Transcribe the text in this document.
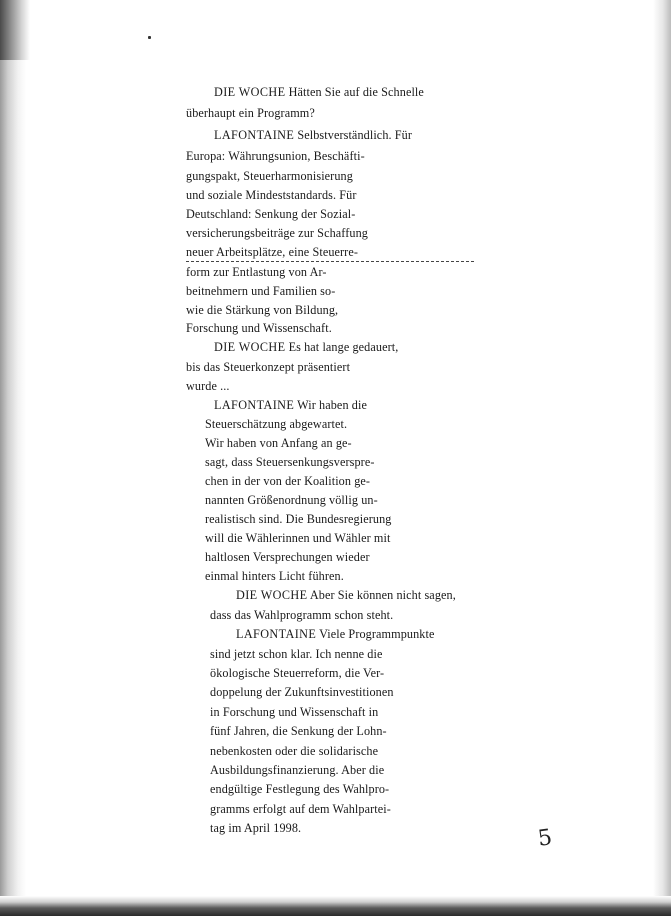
DIE WOCHE Hätten Sie auf die Schnelle
überhaupt ein Programm?
LAFONTAINE Selbstverständlich. Für
Europa: Währungsunion, Beschäfti-
gungspakt, Steuerharmonisierung
und soziale Mindeststandards. Für
Deutschland: Senkung der Sozial-
versicherungsbeiträge zur Schaffung
neuer Arbeitsplätze, eine Steuerre-
form zur Entlastung von Ar-
beitnehmern und Familien so-
wie die Stärkung von Bildung,
Forschung und Wissenschaft.
DIE WOCHE Es hat lange gedauert,
bis das Steuerkonzept präsentiert
wurde ...
LAFONTAINE Wir haben die
Steuerschätzung abgewartet.
Wir haben von Anfang an ge-
sagt, dass Steuersenkungsverspre-
chen in der von der Koalition ge-
nannten Größenordnung völlig un-
realistisch sind. Die Bundesregierung
will die Wählerinnen und Wähler mit
haltlosen Versprechungen wieder
einmal hinters Licht führen.
DIE WOCHE Aber Sie können nicht sagen,
dass das Wahlprogramm schon steht.
LAFONTAINE Viele Programmpunkte
sind jetzt schon klar. Ich nenne die
ökologische Steuerreform, die Ver-
doppelung der Zukunftsinvestitionen
in Forschung und Wissenschaft in
fünf Jahren, die Senkung der Lohn-
nebenkosten oder die solidarische
Ausbildungsfinanzierung. Aber die
endgültige Festlegung des Wahlpro-
gramms erfolgt auf dem Wahlpartei-
tag im April 1998.	5
